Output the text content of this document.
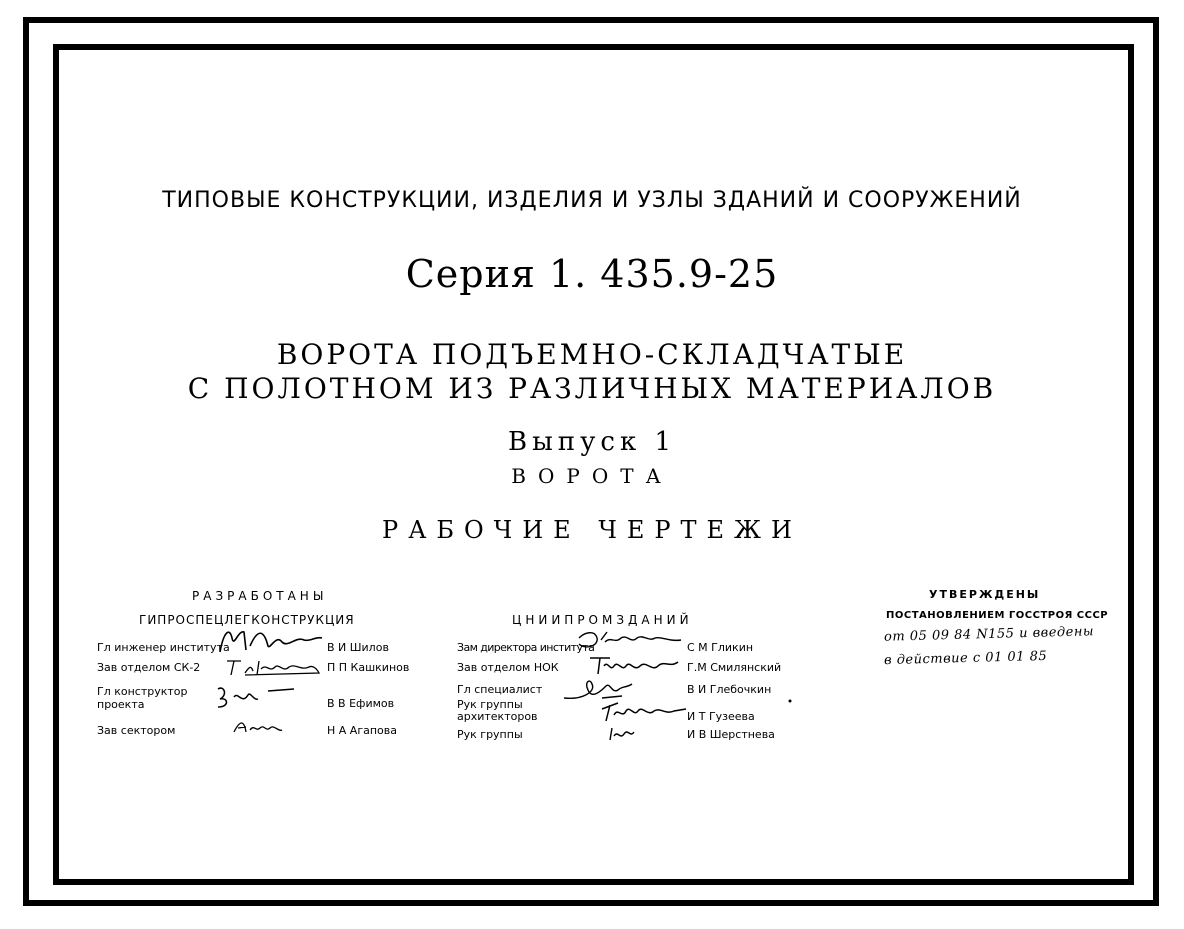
ТИПОВЫЕ КОНСТРУКЦИИ, ИЗДЕЛИЯ И УЗЛЫ ЗДАНИЙ И СООРУЖЕНИЙ
Серия 1. 435.9-25
ВОРОТА ПОДЪЕМНО-СКЛАДЧАТЫЕ
С ПОЛОТНОМ ИЗ РАЗЛИЧНЫХ МАТЕРИАЛОВ
Выпуск 1
ВОРОТА
РАБОЧИЕ ЧЕРТЕЖИ
РАЗРАБОТАНЫ
ГИПРОСПЕЦЛЕГКОНСТРУКЦИЯ
Гл инженер института	В И Шилов
Зав отделом СК-2	П П Кашкинов
Гл конструктор
проекта	В В Ефимов
Зав сектором	Н А Агапова
ЦНИИПРОМЗДАНИЙ
Зам директора института	С М Гликин
Зав отделом НОК	Г.М Смилянский
Гл специалист	В И Глебочкин
Рук группы
архитекторов	И Т Гузеева
Рук группы	И В Шерстнева
УТВЕРЖДЕНЫ
ПОСТАНОВЛЕНИЕМ ГОССТРОЯ СССР
от 05 09 84 N155 и введены
в действие с 01 01 85
